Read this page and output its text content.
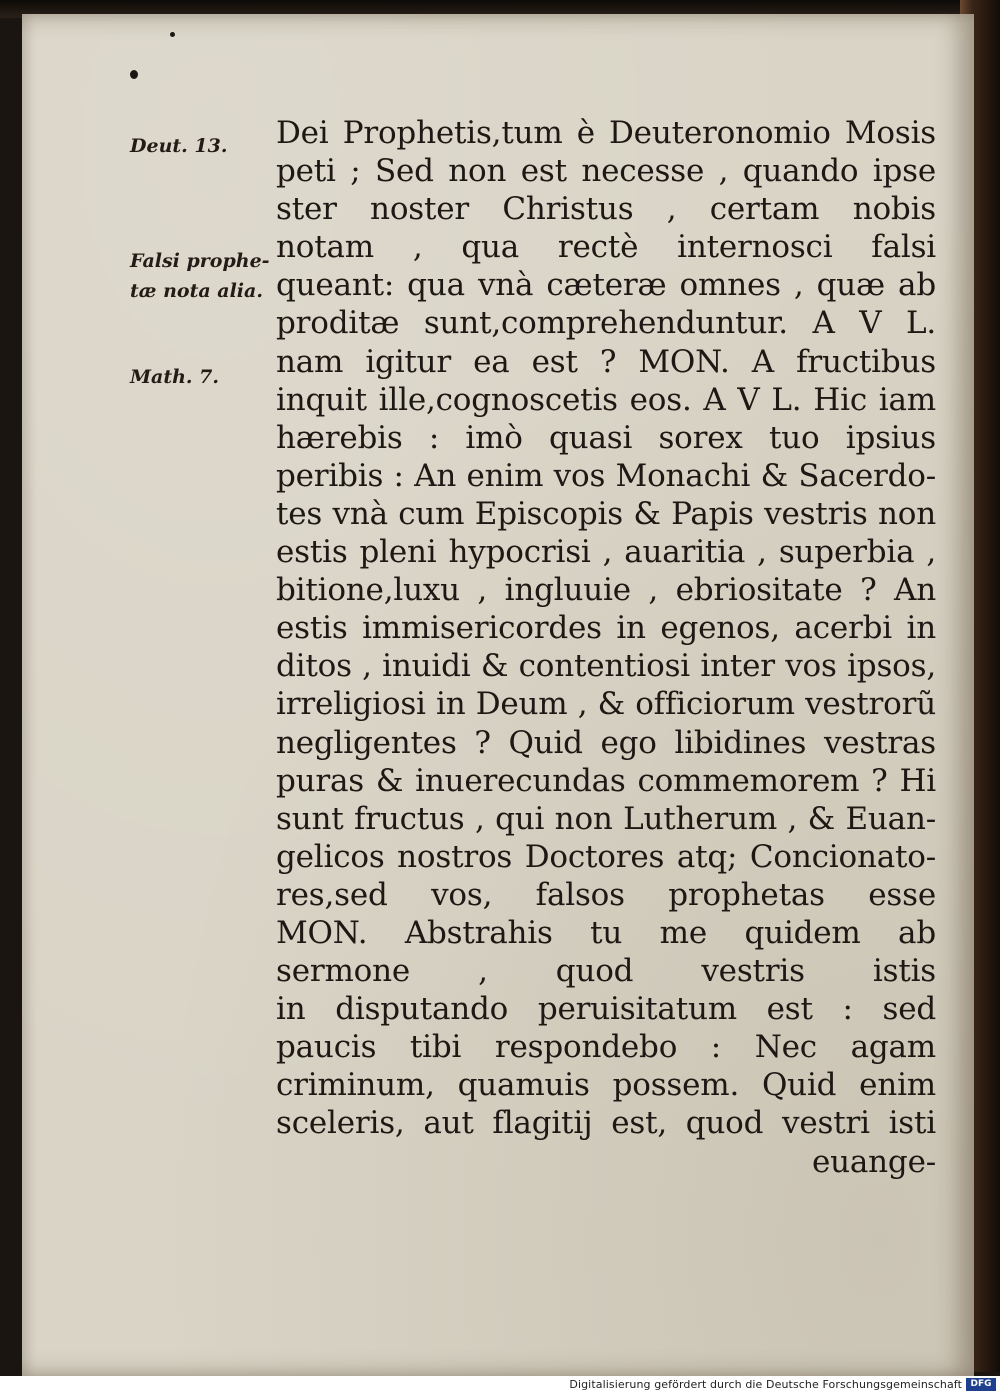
Deut. 13.
Falsi prophe-
tæ nota alia.
Math. 7.
Dei Prophetis,tum è Deuteronomio Mosis
peti ; Sed non est necesse , quando ipse
ster noster Christus , certam nobis
notam , qua rectè internosci falsi
queant: qua vnà cæteræ omnes , quæ ab
proditæ sunt,comprehenduntur. A V L.
nam igitur ea est ? MON. A fructibus
inquit ille,cognoscetis eos. A V L. Hic iam
hærebis : imò quasi sorex tuo ipsius
peribis : An enim vos Monachi & Sacerdo-
tes vnà cum Episcopis & Papis vestris non
estis pleni hypocrisi , auaritia , superbia ,
bitione,luxu , ingluuie , ebriositate ? An
estis immisericordes in egenos, acerbi in
ditos , inuidi & contentiosi inter vos ipsos,
irreligiosi in Deum , & officiorum vestrorũ
negligentes ? Quid ego libidines vestras
puras & inuerecundas commemorem ? Hi
sunt fructus , qui non Lutherum , & Euan-
gelicos nostros Doctores atq; Concionato-
res,sed vos, falsos prophetas esse
MON. Abstrahis tu me quidem ab
sermone , quod vestris istis
in disputando peruisitatum est : sed
paucis tibi respondebo : Nec agam
criminum, quamuis possem. Quid enim
sceleris, aut flagitij est, quod vestri isti
euange-
Digitalisierung gefördert durch die Deutsche Forschungsgemeinschaft DFG
